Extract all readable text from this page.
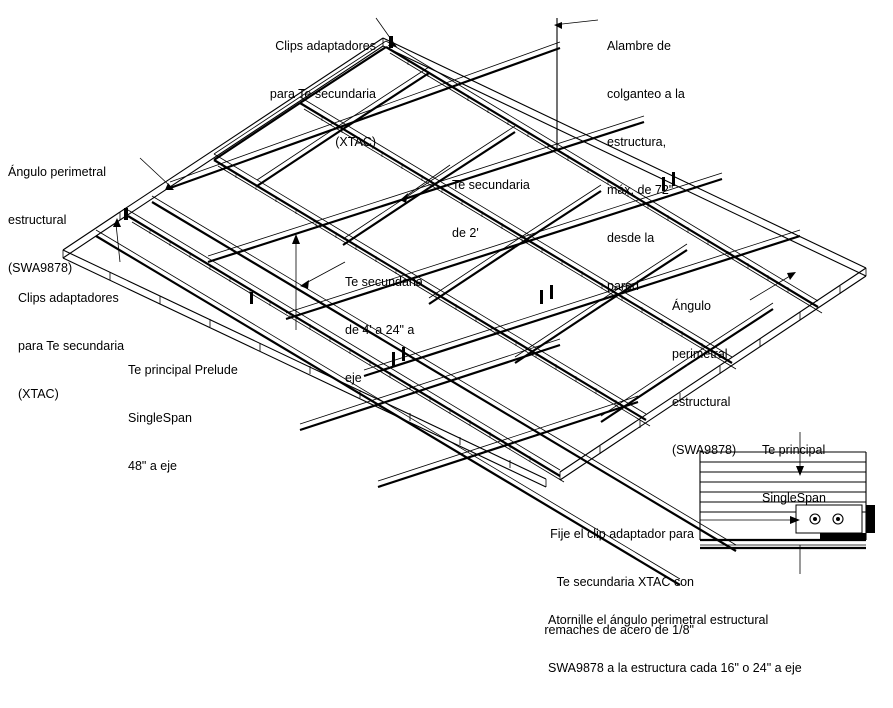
Clips adaptadores

para Te secundaria

(XTAC)

Alambre de

colganteo a la

estructura,

máx. de 72"

desde la

pared

Ángulo perimetral

estructural

(SWA9878)

Te secundaria

de 2'

Clips adaptadores

para Te secundaria

(XTAC)

Te secundaria

de 4' a 24" a

eje

Ángulo

perimetral

estructural

(SWA9878)

Te principal Prelude

SingleSpan

48" a eje

Te principal

SingleSpan

Fije el clip adaptador para

Te secundaria XTAC con

remaches de acero de 1/8"

Atornille el ángulo perimetral estructural

SWA9878 a la estructura cada 16" o 24" a eje
